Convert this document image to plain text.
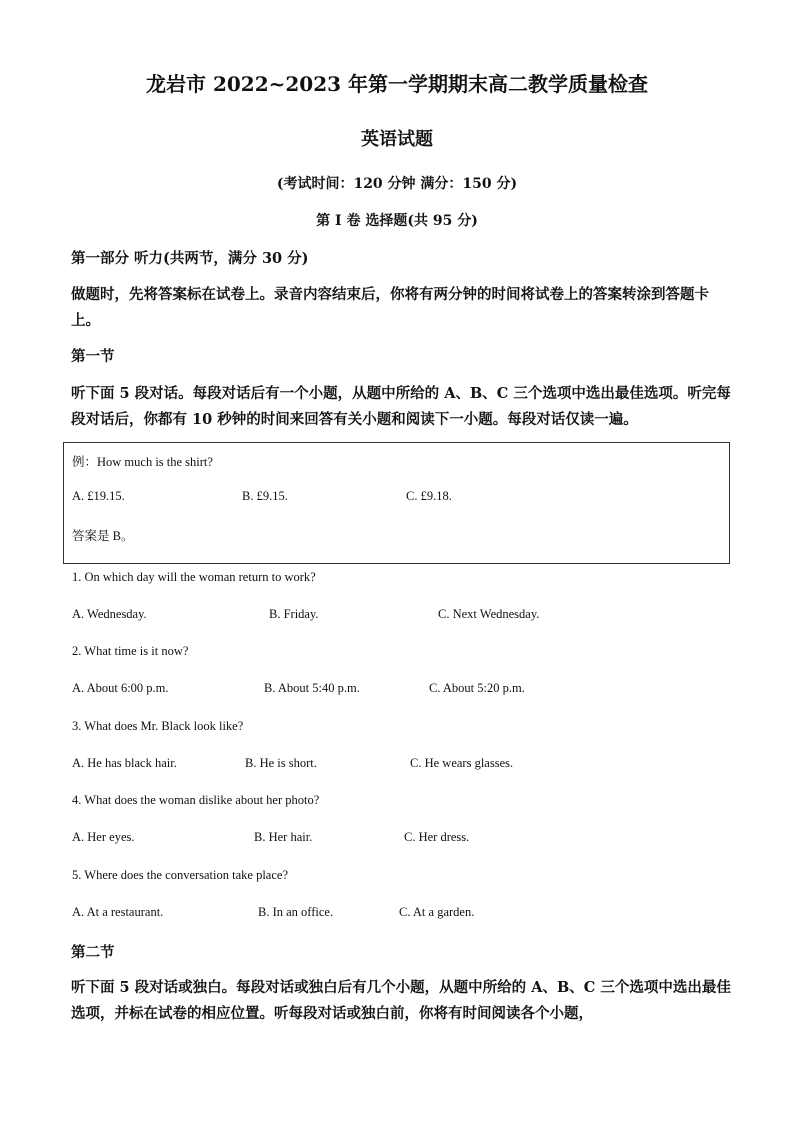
龙岩市 2022~2023 年第一学期期末高二教学质量检查
英语试题
(考试时间：120 分钟 满分：150 分)
第 I 卷 选择题(共 95 分)
第一部分 听力(共两节，满分 30 分)
做题时，先将答案标在试卷上。录音内容结束后，你将有两分钟的时间将试卷上的答案转涂到答题卡上。
第一节
听下面 5 段对话。每段对话后有一个小题，从题中所给的 A、B、C 三个选项中选出最佳选项。听完每段对话后，你都有 10 秒钟的时间来回答有关小题和阅读下一小题。每段对话仅读一遍。
例：How much is the shirt?
A. £19.15.	B. £9.15.	C. £9.18.
答案是 B。
1. On which day will the woman return to work?
A. Wednesday.	B. Friday.	C. Next Wednesday.
2. What time is it now?
A. About 6:00 p.m.	B. About 5:40 p.m.	C. About 5:20 p.m.
3. What does Mr. Black look like?
A. He has black hair.	B. He is short.	C. He wears glasses.
4. What does the woman dislike about her photo?
A. Her eyes.	B. Her hair.	C. Her dress.
5. Where does the conversation take place?
A. At a restaurant.	B. In an office.	C. At a garden.
第二节
听下面 5 段对话或独白。每段对话或独白后有几个小题，从题中所给的 A、B、C 三个选项中选出最佳选项，并标在试卷的相应位置。听每段对话或独白前，你将有时间阅读各个小题，
